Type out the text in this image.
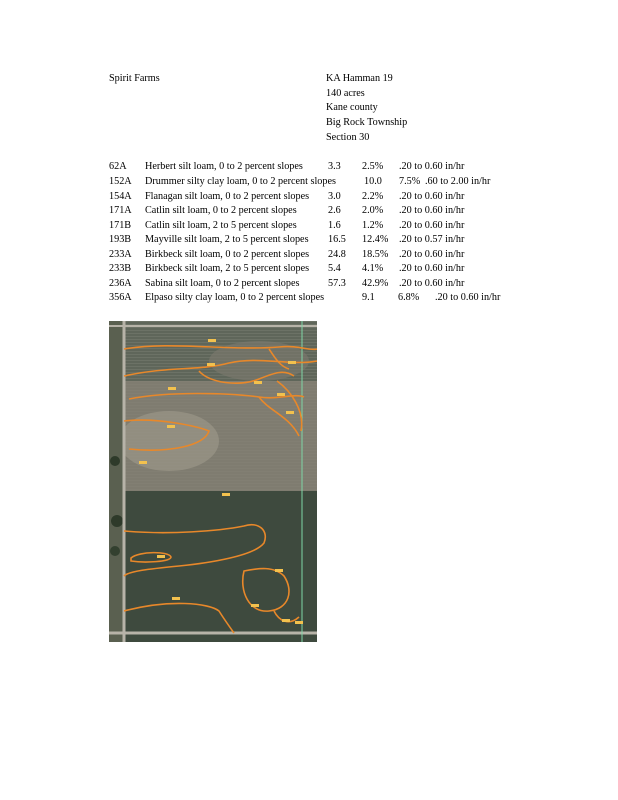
Spirit Farms	KA Hamman 19
140 acres
Kane county
Big Rock Township
Section 30
62A Herbert silt loam, 0 to 2 percent slopes 3.3 2.5% .20 to 0.60 in/hr
152A Drummer silty clay loam, 0 to 2 percent slopes	10.0 7.5% .60 to 2.00 in/hr
154A Flanagan silt loam, 0 to 2 percent slopes 3.0 2.2% .20 to 0.60 in/hr
171A Catlin silt loam, 0 to 2 percent slopes	2.6 2.0% .20 to 0.60 in/hr
171B Catlin silt loam, 2 to 5 percent slopes	1.6 1.2% .20 to 0.60 in/hr
193B Mayville silt loam, 2 to 5 percent slopes 16.5 12.4% .20 to 0.57 in/hr
233A Birkbeck silt loam, 0 to 2 percent slopes 24.8 18.5% .20 to 0.60 in/hr
233B Birkbeck silt loam, 2 to 5 percent slopes 5.4 4.1% .20 to 0.60 in/hr
236A Sabina silt loam, 0 to 2 percent slopes	57.3 42.9% .20 to 0.60 in/hr
356A Elpaso silty clay loam, 0 to 2 percent slopes	9.1 6.8% .20 to 0.60 in/hr
